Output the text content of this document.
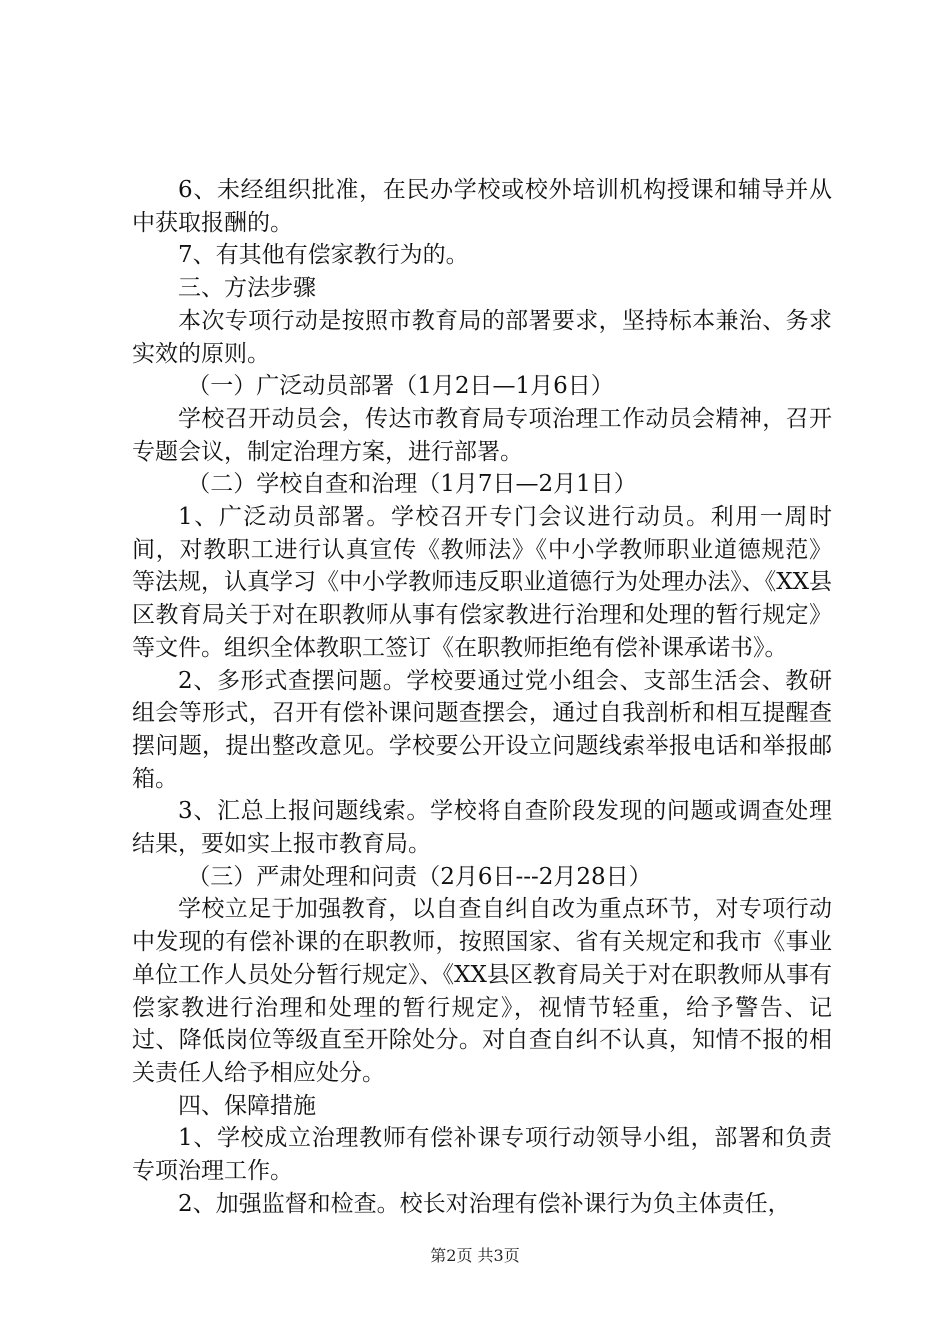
6、未经组织批准，在民办学校或校外培训机构授课和辅导并从中获取报酬的。

7、有其他有偿家教行为的。

三、方法步骤

本次专项行动是按照市教育局的部署要求，坚持标本兼治、务求实效的原则。

（一）广泛动员部署（1月2日—1月6日）

学校召开动员会，传达市教育局专项治理工作动员会精神，召开专题会议，制定治理方案，进行部署。

（二）学校自查和治理（1月7日—2月1日）

1、广泛动员部署。学校召开专门会议进行动员。利用一周时间，对教职工进行认真宣传《教师法》《中小学教师职业道德规范》等法规，认真学习《中小学教师违反职业道德行为处理办法》、《XX县区教育局关于对在职教师从事有偿家教进行治理和处理的暂行规定》等文件。组织全体教职工签订《在职教师拒绝有偿补课承诺书》。

2、多形式查摆问题。学校要通过党小组会、支部生活会、教研组会等形式，召开有偿补课问题查摆会，通过自我剖析和相互提醒查摆问题，提出整改意见。学校要公开设立问题线索举报电话和举报邮箱。

3、汇总上报问题线索。学校将自查阶段发现的问题或调查处理结果，要如实上报市教育局。

（三）严肃处理和问责（2月6日---2月28日）

学校立足于加强教育，以自查自纠自改为重点环节，对专项行动中发现的有偿补课的在职教师，按照国家、省有关规定和我市《事业单位工作人员处分暂行规定》、《XX县区教育局关于对在职教师从事有偿家教进行治理和处理的暂行规定》，视情节轻重，给予警告、记过、降低岗位等级直至开除处分。对自查自纠不认真，知情不报的相关责任人给予相应处分。

四、保障措施

1、学校成立治理教师有偿补课专项行动领导小组，部署和负责专项治理工作。

2、加强监督和检查。校长对治理有偿补课行为负主体责任，

第2页 共3页
